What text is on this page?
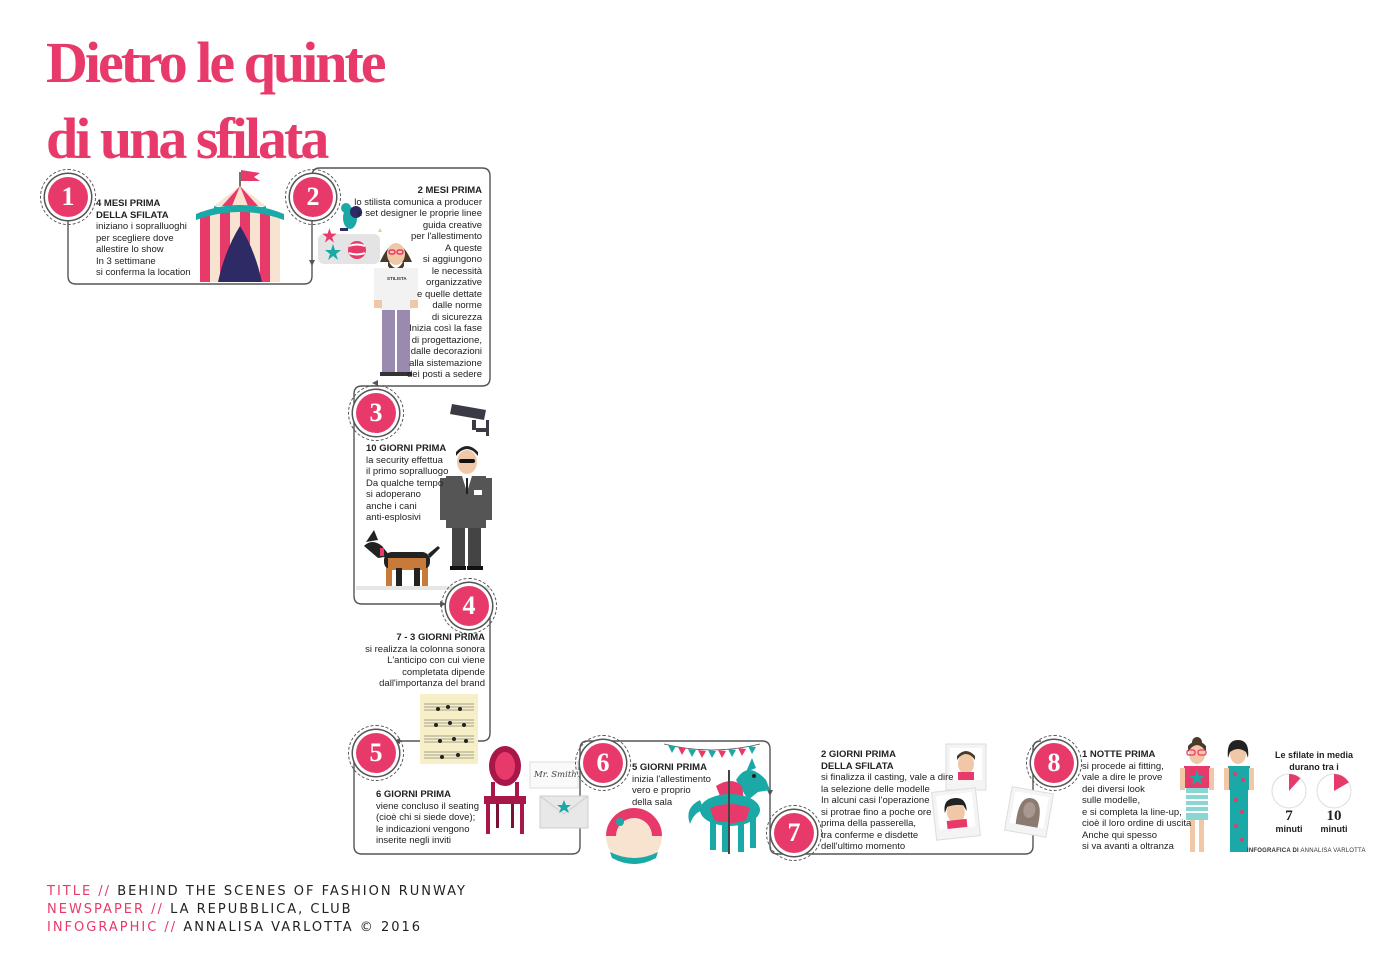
Dietro le quinte
di una sfilata
Mr. Smith
STILISTA
1	2
3
4
5	6
7
8
4 MESI PRIMA
DELLA SFILATA
iniziano i sopralluoghi
per scegliere dove
allestire lo show
In 3 settimane
si conferma la location
2 MESI PRIMA
lo stilista comunica a producer
e set designer le proprie linee
guida creative
per l'allestimento
A queste
si aggiungono
le necessità
organizzative
e quelle dettate
dalle norme
di sicurezza
Inizia così la fase
di progettazione,
dalle decorazioni
alla sistemazione
dei posti a sedere
10 GIORNI PRIMA
la security effettua
il primo sopralluogo
Da qualche tempo
si adoperano
anche i cani
anti-esplosivi
7 - 3 GIORNI PRIMA
si realizza la colonna sonora
L'anticipo con cui viene
completata dipende
dall'importanza del brand
6 GIORNI PRIMA
viene concluso il seating
(cioè chi si siede dove);
le indicazioni vengono
inserite negli inviti
5 GIORNI PRIMA
inizia l'allestimento
vero e proprio
della sala
2 GIORNI PRIMA
DELLA SFILATA
si finalizza il casting, vale a dire
la selezione delle modelle
In alcuni casi l'operazione
si protrae fino a poche ore
prima della passerella,
tra conferme e disdette
dell'ultimo momento
1 NOTTE PRIMA
si procede ai fitting,
vale a dire le prove
dei diversi look
sulle modelle,
e si completa la line-up,
cioè il loro ordine di uscita
Anche qui spesso
si va avanti a oltranza
Le sfilate in media
durano tra i
7
minuti
10
minuti
INFOGRAFICA DI ANNALISA VARLOTTA
TITLE // BEHIND THE SCENES OF FASHION RUNWAY
NEWSPAPER // LA REPUBBLICA, CLUB
INFOGRAPHIC // ANNALISA VARLOTTA © 2016
